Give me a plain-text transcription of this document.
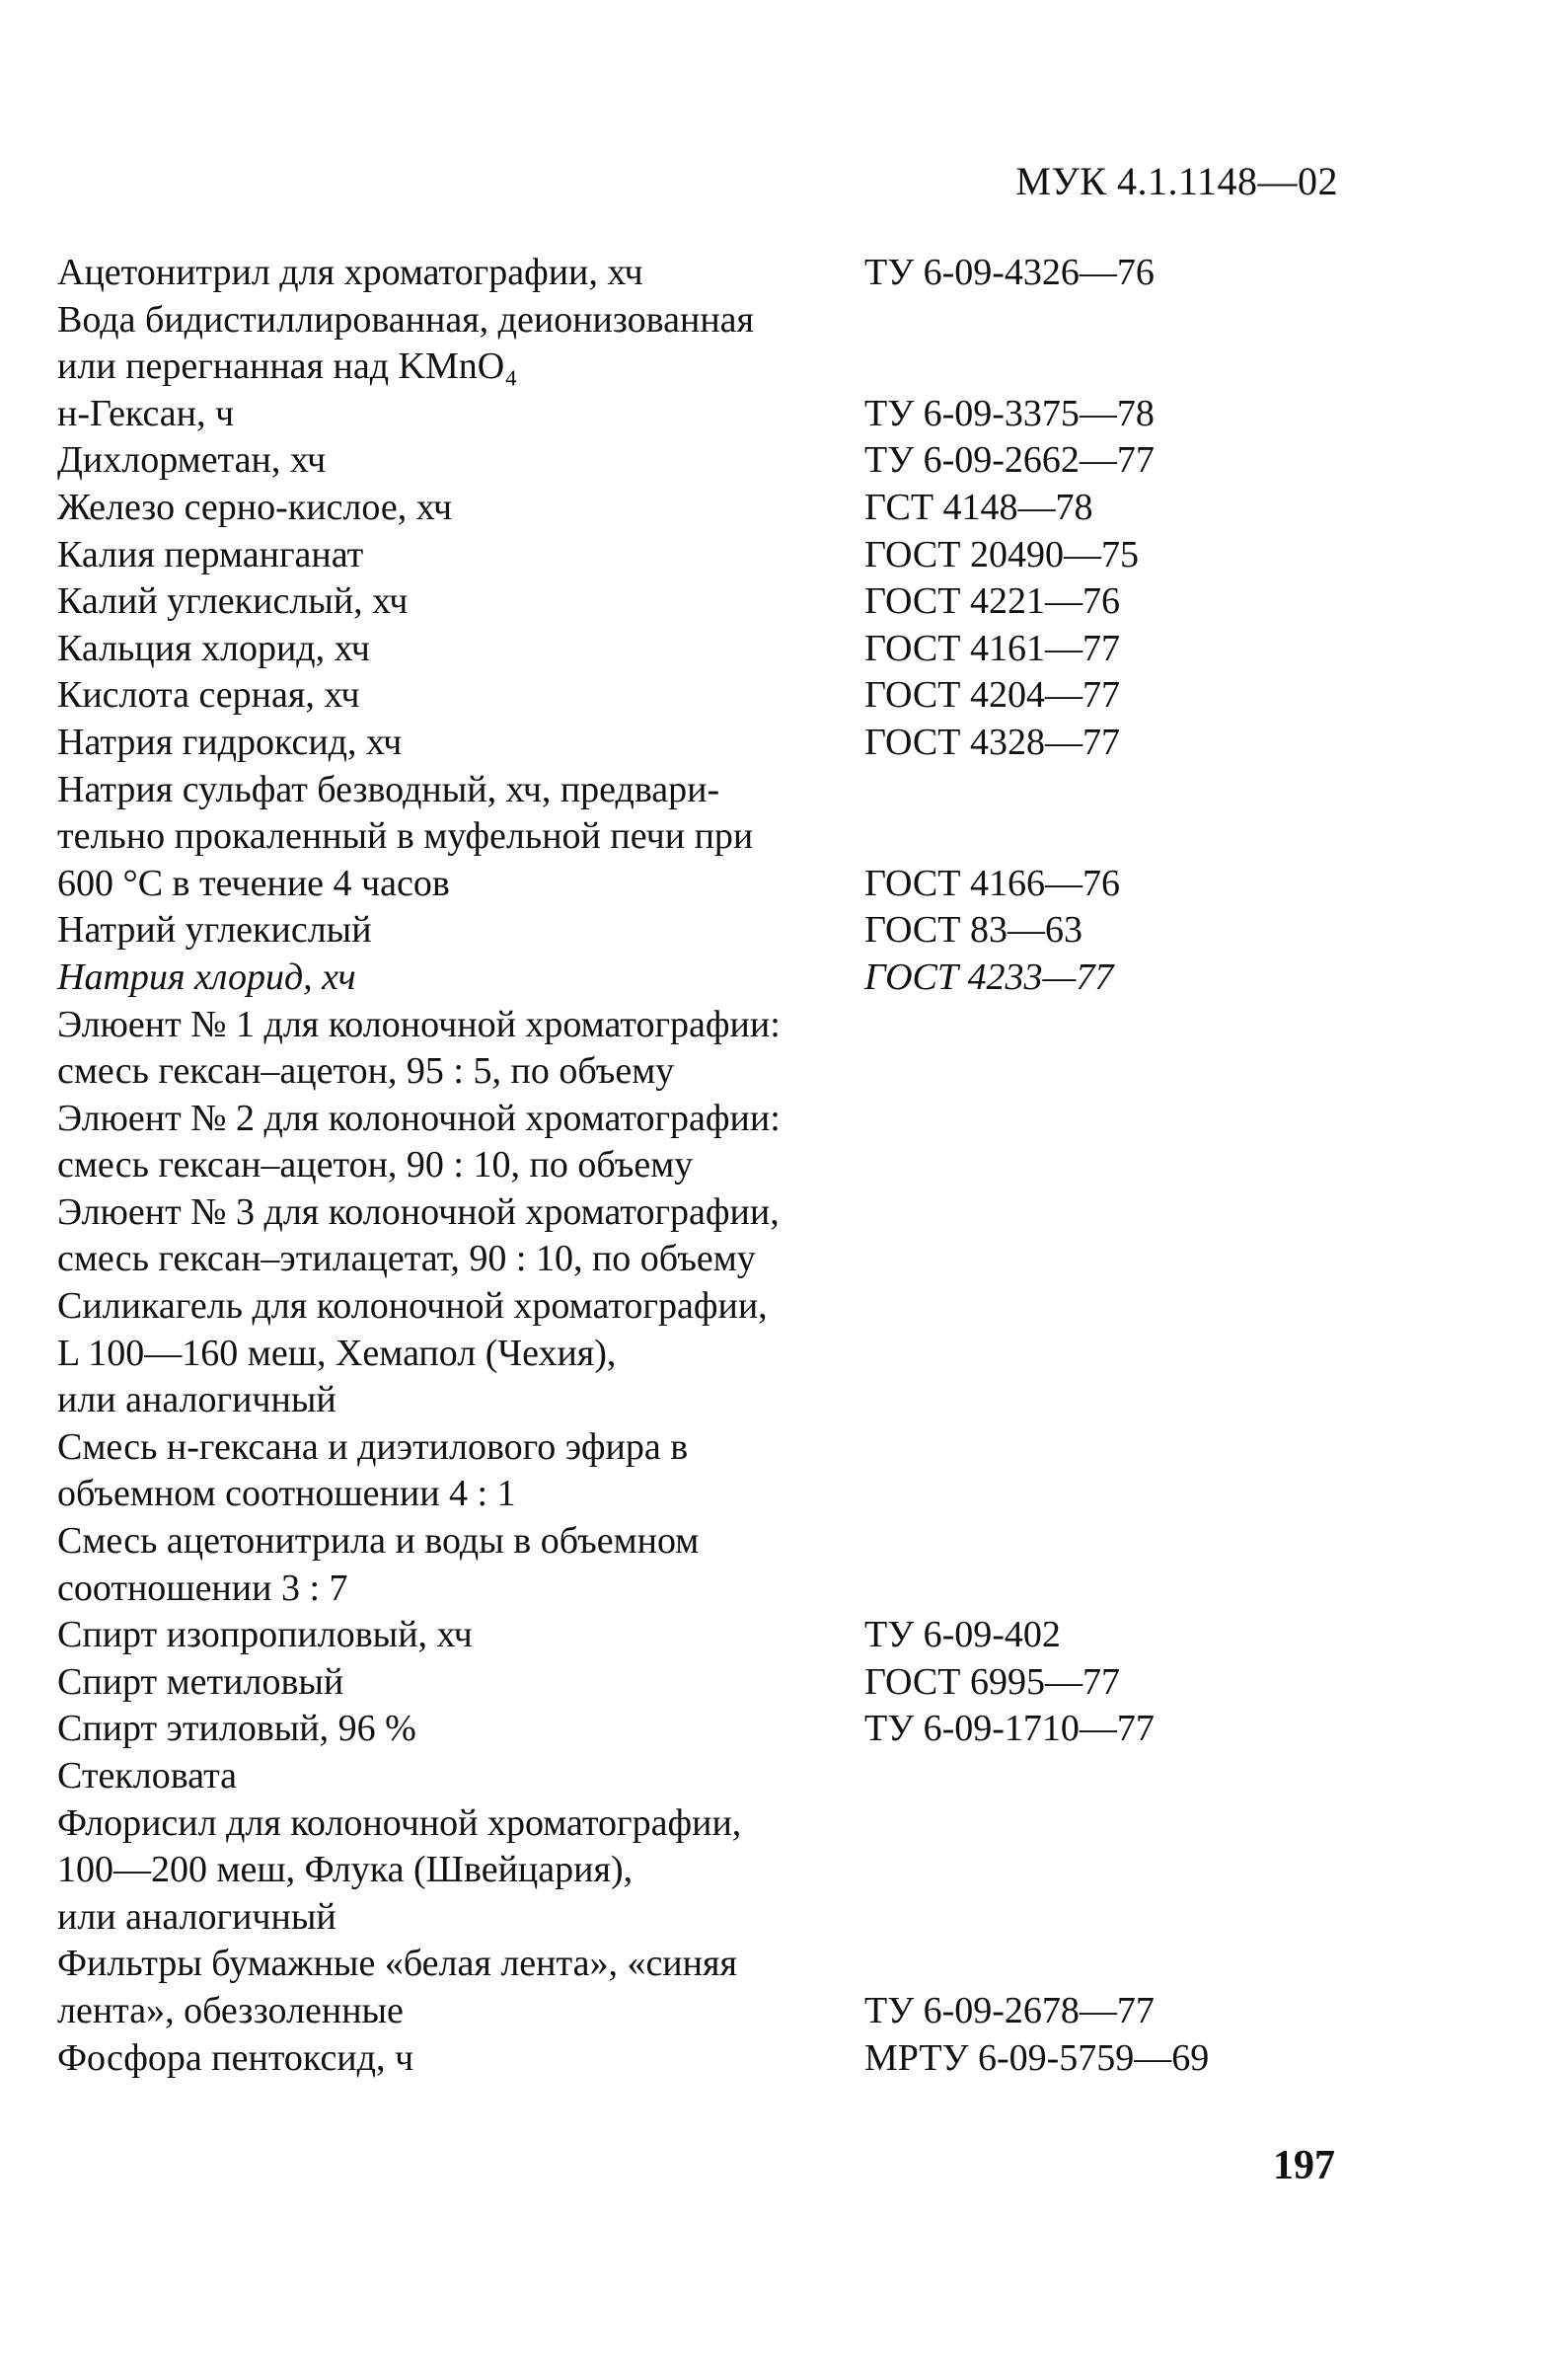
МУК 4.1.1148—02
Ацетонитрил для хроматографии, хч	ТУ 6-09-4326—76
Вода бидистиллированная, деионизованная
или перегнанная над KMnO₄
н-Гексан, ч	ТУ 6-09-3375—78
Дихлорметан, хч	ТУ 6-09-2662—77
Железо серно-кислое, хч	ГСТ 4148—78
Калия перманганат	ГОСТ 20490—75
Калий углекислый, хч	ГОСТ 4221—76
Кальция хлорид, хч	ГОСТ 4161—77
Кислота серная, хч	ГОСТ 4204—77
Натрия гидроксид, хч	ГОСТ 4328—77
Натрия сульфат безводный, хч, предвари-
тельно прокаленный в муфельной печи при
600 °С в течение 4 часов	ГОСТ 4166—76
Натрий углекислый	ГОСТ 83—63
Натрия хлорид, хч	ГОСТ 4233—77
Элюент № 1 для колоночной хроматографии:
смесь гексан–ацетон, 95 : 5, по объему
Элюент № 2 для колоночной хроматографии:
смесь гексан–ацетон, 90 : 10, по объему
Элюент № 3 для колоночной хроматографии,
смесь гексан–этилацетат, 90 : 10, по объему
Силикагель для колоночной хроматографии,
L 100—160 меш, Хемапол (Чехия),
или аналогичный
Смесь н-гексана и диэтилового эфира в
объемном соотношении 4 : 1
Смесь ацетонитрила и воды в объемном
соотношении 3 : 7
Спирт изопропиловый, хч	ТУ 6-09-402
Спирт метиловый	ГОСТ 6995—77
Спирт этиловый, 96 %	ТУ 6-09-1710—77
Стекловата
Флорисил для колоночной хроматографии,
100—200 меш, Флука (Швейцария),
или аналогичный
Фильтры бумажные «белая лента», «синяя
лента», обеззоленные	ТУ 6-09-2678—77
Фосфора пентоксид, ч	МРТУ 6-09-5759—69
197
